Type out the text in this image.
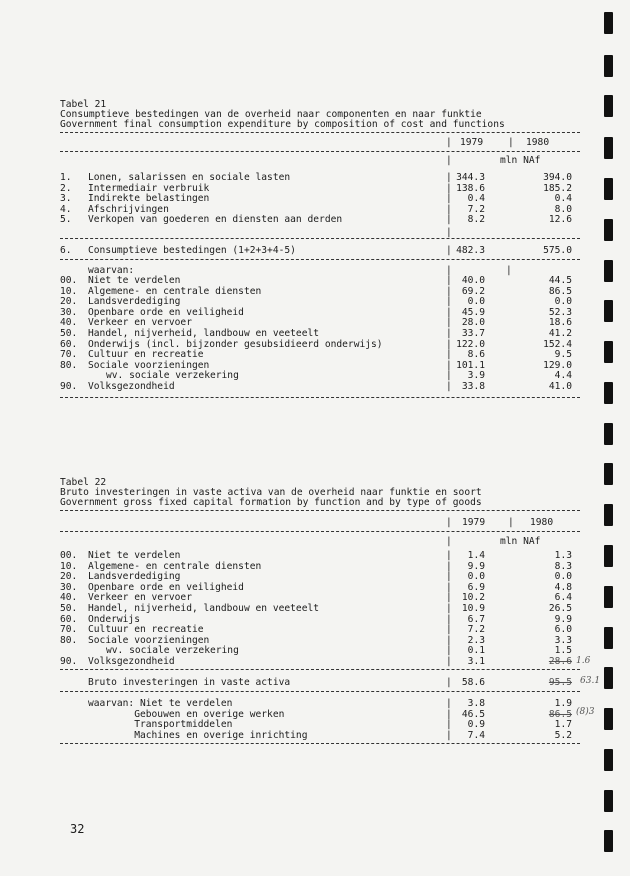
Tabel 21
Consumptieve bestedingen van de overheid naar componenten en naar funktie
Government final consumption expenditure by composition of cost and functions
| 1979	| 1980
|	mln NAf
1.	Lonen, salarissen en sociale lasten	| 344.3	394.0
2.	Intermediair verbruik	| 138.6	185.2
3.	Indirekte belastingen	|	0.4	0.4
4.	Afschrijvingen	|	7.2	8.0
5.	Verkopen van goederen en diensten aan derden	|	8.2	12.6
|
6.	Consumptieve bestedingen (1+2+3+4-5)	| 482.3	575.0
waarvan:	|	|
00.	Niet te verdelen	|	40.0	44.5
10.	Algemene- en centrale diensten	|	69.2	86.5
20.	Landsverdediging	|	0.0	0.0
30.	Openbare orde en veiligheid	|	45.9	52.3
40.	Verkeer en vervoer	|	28.0	18.6
50.	Handel, nijverheid, landbouw en veeteelt	|	33.7	41.2
60.	Onderwijs (incl. bijzonder gesubsidieerd onderwijs)	| 122.0	152.4
70.	Cultuur en recreatie	|	8.6	9.5
80.	Sociale voorzieningen	| 101.1	129.0
wv. sociale verzekering	|	3.9	4.4
90.	Volksgezondheid	|	33.8	41.0
Tabel 22
Bruto investeringen in vaste activa van de overheid naar funktie en soort
Government gross fixed capital formation by function and by type of goods
| 1979 | 1980
|	mln NAf
00.	Niet te verdelen	|	1.4	1.3
10.	Algemene- en centrale diensten	|	9.9	8.3
20.	Landsverdediging	|	0.0	0.0
30.	Openbare orde en veiligheid	|	6.9	4.8
40.	Verkeer en vervoer	|	10.2	6.4
50.	Handel, nijverheid, landbouw en veeteelt	|	10.9	26.5
60.	Onderwijs	|	6.7	9.9
70.	Cultuur en recreatie	|	7.2	6.0
80.	Sociale voorzieningen	|	2.3	3.3
wv. sociale verzekering	|	0.1	1.5
90.	Volksgezondheid	|	3.1	28.6 1.6
Bruto investeringen in vaste activa	|	58.6	95.5 63.1
waarvan: Niet te verdelen	|	3.8	1.9
Gebouwen en overige werken	|	46.5	86.5 (8)3
Transportmiddelen	|	0.9	1.7
Machines en overige inrichting	|	7.4	5.2
32
